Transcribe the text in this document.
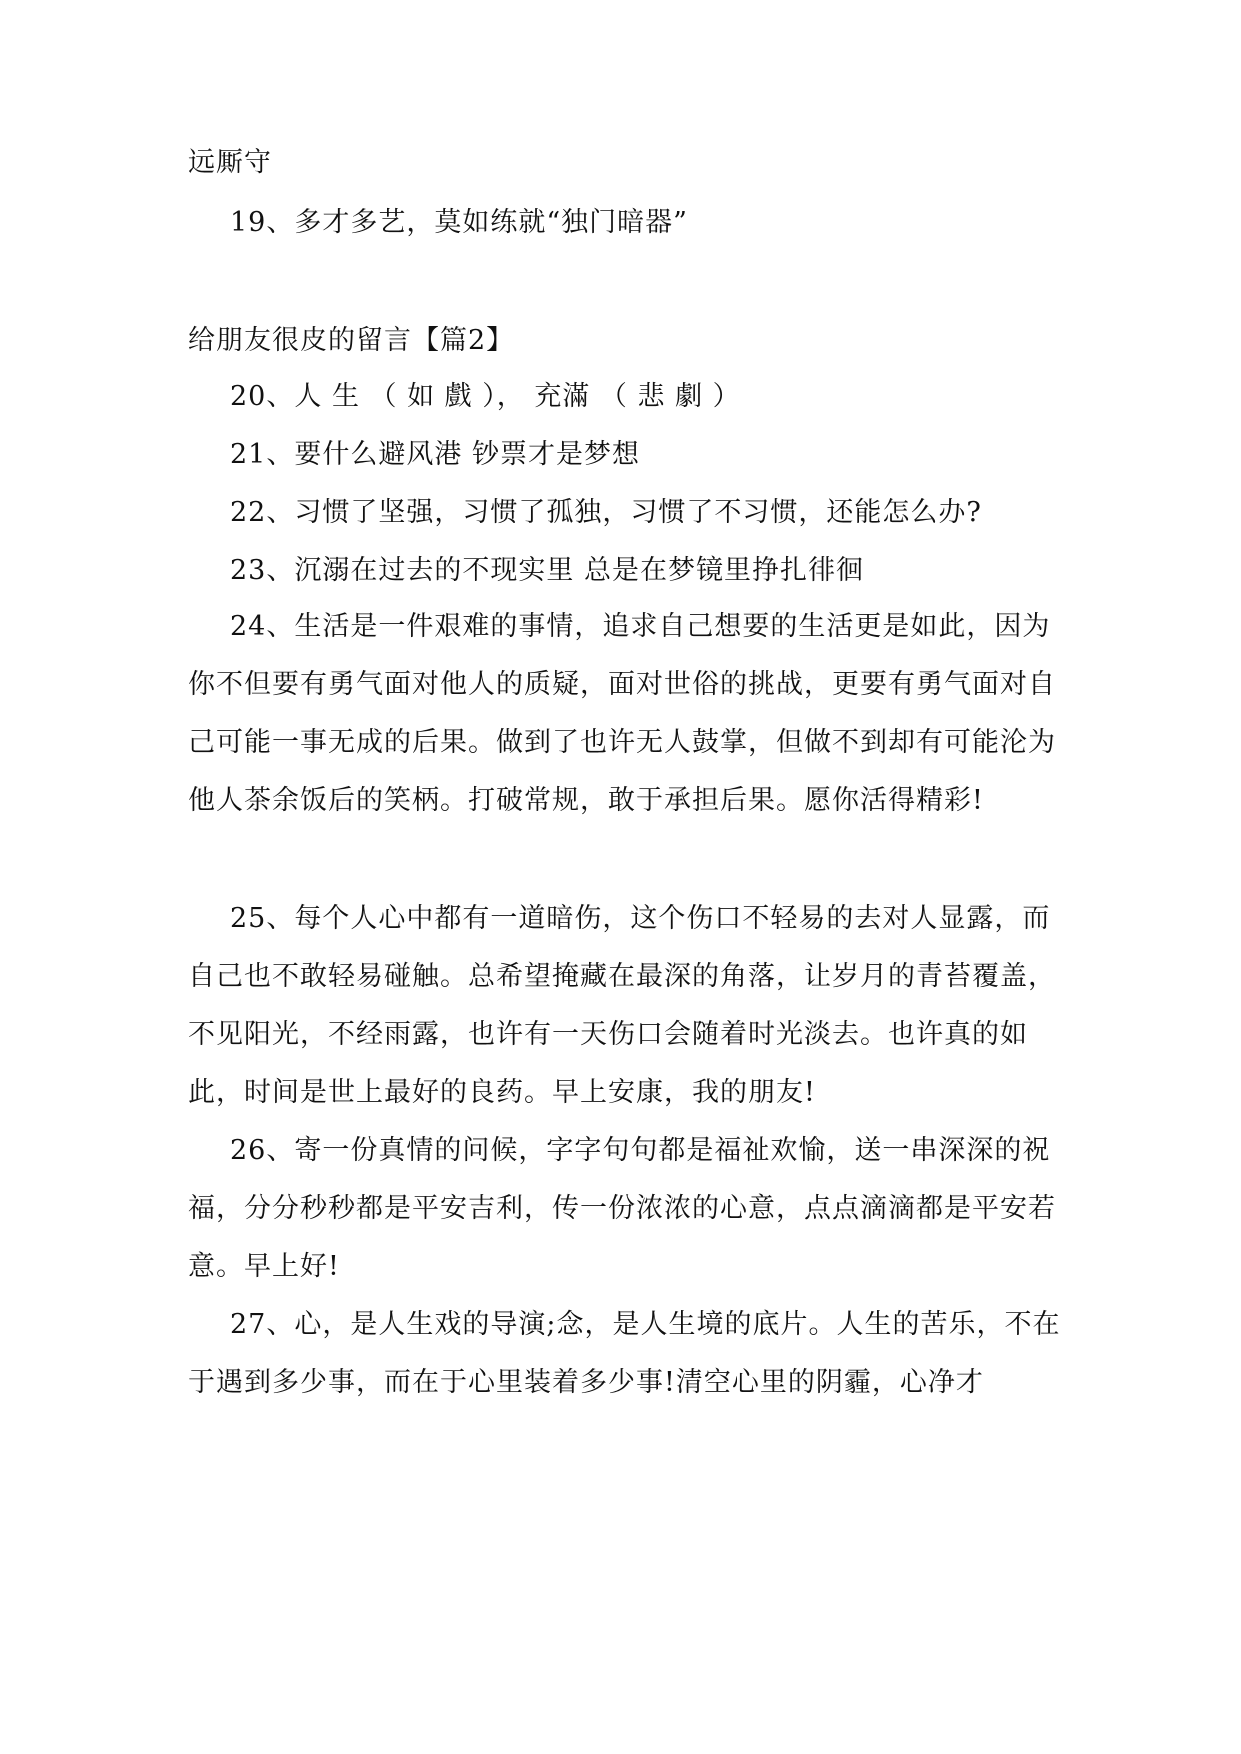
远厮守
19、多才多艺，莫如练就“独门暗器”
给朋友很皮的留言【篇2】
20、人 生 （ 如 戲 ）， 充滿 （ 悲 劇 ）
21、要什么避风港 钞票才是梦想
22、习惯了坚强，习惯了孤独，习惯了不习惯，还能怎么办?
23、沉溺在过去的不现实里 总是在梦镜里挣扎徘徊
24、生活是一件艰难的事情，追求自己想要的生活更是如此，因为你不但要有勇气面对他人的质疑，面对世俗的挑战，更要有勇气面对自己可能一事无成的后果。做到了也许无人鼓掌，但做不到却有可能沦为他人茶余饭后的笑柄。打破常规，敢于承担后果。愿你活得精彩!
25、每个人心中都有一道暗伤，这个伤口不轻易的去对人显露，而自己也不敢轻易碰触。总希望掩藏在最深的角落，让岁月的青苔覆盖，不见阳光，不经雨露，也许有一天伤口会随着时光淡去。也许真的如此，时间是世上最好的良药。早上安康，我的朋友!
26、寄一份真情的问候，字字句句都是福祉欢愉，送一串深深的祝福，分分秒秒都是平安吉利，传一份浓浓的心意，点点滴滴都是平安若意。早上好!
27、心，是人生戏的导演;念，是人生境的底片。人生的苦乐，不在于遇到多少事，而在于心里装着多少事!清空心里的阴霾，心净才
